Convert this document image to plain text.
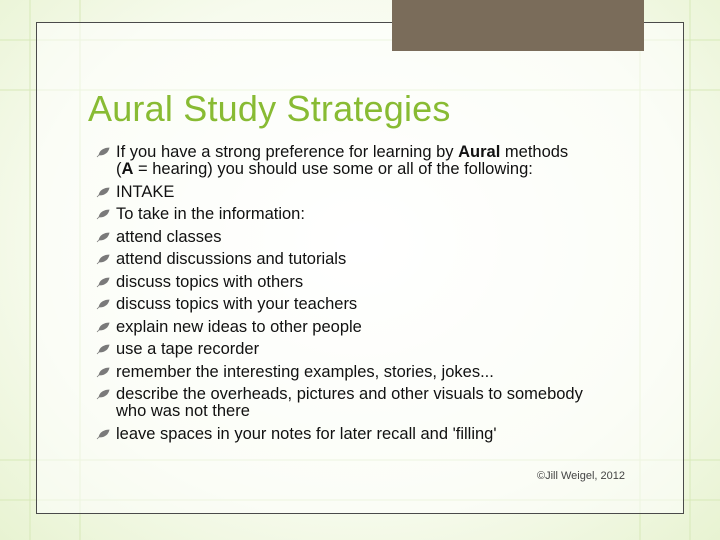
Aural Study Strategies
If you have a strong preference for learning by Aural methods (A = hearing) you should use some or all of the following:
INTAKE
To take in the information:
attend classes
attend discussions and tutorials
discuss topics with others
discuss topics with your teachers
explain new ideas to other people
use a tape recorder
remember the interesting examples, stories, jokes...
describe the overheads, pictures and other visuals to somebody who was not there
leave spaces in your notes for later recall and 'filling'
©Jill Weigel, 2012
